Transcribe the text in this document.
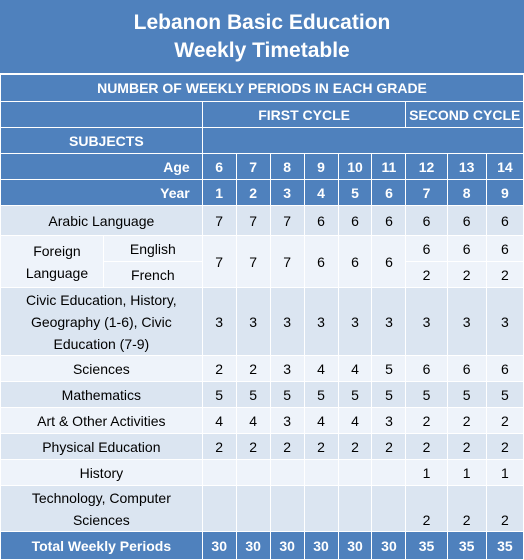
Lebanon Basic Education
Weekly Timetable
NUMBER OF WEEKLY PERIODS IN EACH GRADE										
		FIRST CYCLE						SECOND CYCLE		
SUBJECTS										
Age		6	7	8	9	10	11	12	13	14
Year		1	2	3	4	5	6	7	8	9
Arabic Language		7	7	7	6	6	6	6	6	6

Foreign
Language	English	7	7	7	6	6	6	6	6	6
	French							2	2	2

Civic Education, History,
Geography (1-6), Civic
Education (7-9)		3	3	3	3	3	3	3	3	3
Sciences		2	2	3	4	4	5	6	6	6
Mathematics		5	5	5	5	5	5	5	5	5
Art & Other Activities		4	4	3	4	4	3	2	2	2
Physical Education		2	2	2	2	2	2	2	2	2
History								1	1	1

Technology, Computer
Sciences								2	2	2
Total Weekly Periods		30	30	30	30	30	30	35	35	35
